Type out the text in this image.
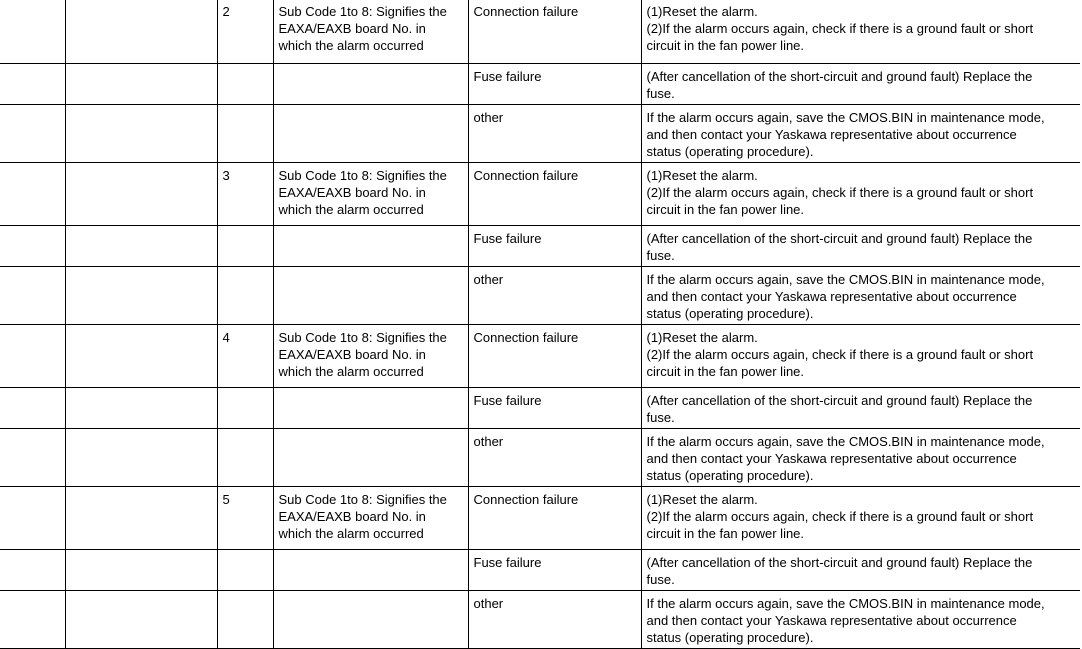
		2	Sub Code 1to 8: Signifies the
EAXA/EAXB board No. in
which the alarm occurred	Connection failure	(1)Reset the alarm.
(2)If the alarm occurs again, check if there is a ground fault or short
circuit in the fan power line.

				Fuse failure	(After cancellation of the short-circuit and ground fault) Replace the
fuse.

				other	If the alarm occurs again, save the CMOS.BIN in maintenance mode,
and then contact your Yaskawa representative about occurrence
status (operating procedure).

		3	Sub Code 1to 8: Signifies the
EAXA/EAXB board No. in
which the alarm occurred	Connection failure	(1)Reset the alarm.
(2)If the alarm occurs again, check if there is a ground fault or short
circuit in the fan power line.

				Fuse failure	(After cancellation of the short-circuit and ground fault) Replace the
fuse.

				other	If the alarm occurs again, save the CMOS.BIN in maintenance mode,
and then contact your Yaskawa representative about occurrence
status (operating procedure).

		4	Sub Code 1to 8: Signifies the
EAXA/EAXB board No. in
which the alarm occurred	Connection failure	(1)Reset the alarm.
(2)If the alarm occurs again, check if there is a ground fault or short
circuit in the fan power line.

				Fuse failure	(After cancellation of the short-circuit and ground fault) Replace the
fuse.

				other	If the alarm occurs again, save the CMOS.BIN in maintenance mode,
and then contact your Yaskawa representative about occurrence
status (operating procedure).

		5	Sub Code 1to 8: Signifies the
EAXA/EAXB board No. in
which the alarm occurred	Connection failure	(1)Reset the alarm.
(2)If the alarm occurs again, check if there is a ground fault or short
circuit in the fan power line.

				Fuse failure	(After cancellation of the short-circuit and ground fault) Replace the
fuse.

				other	If the alarm occurs again, save the CMOS.BIN in maintenance mode,
and then contact your Yaskawa representative about occurrence
status (operating procedure).
